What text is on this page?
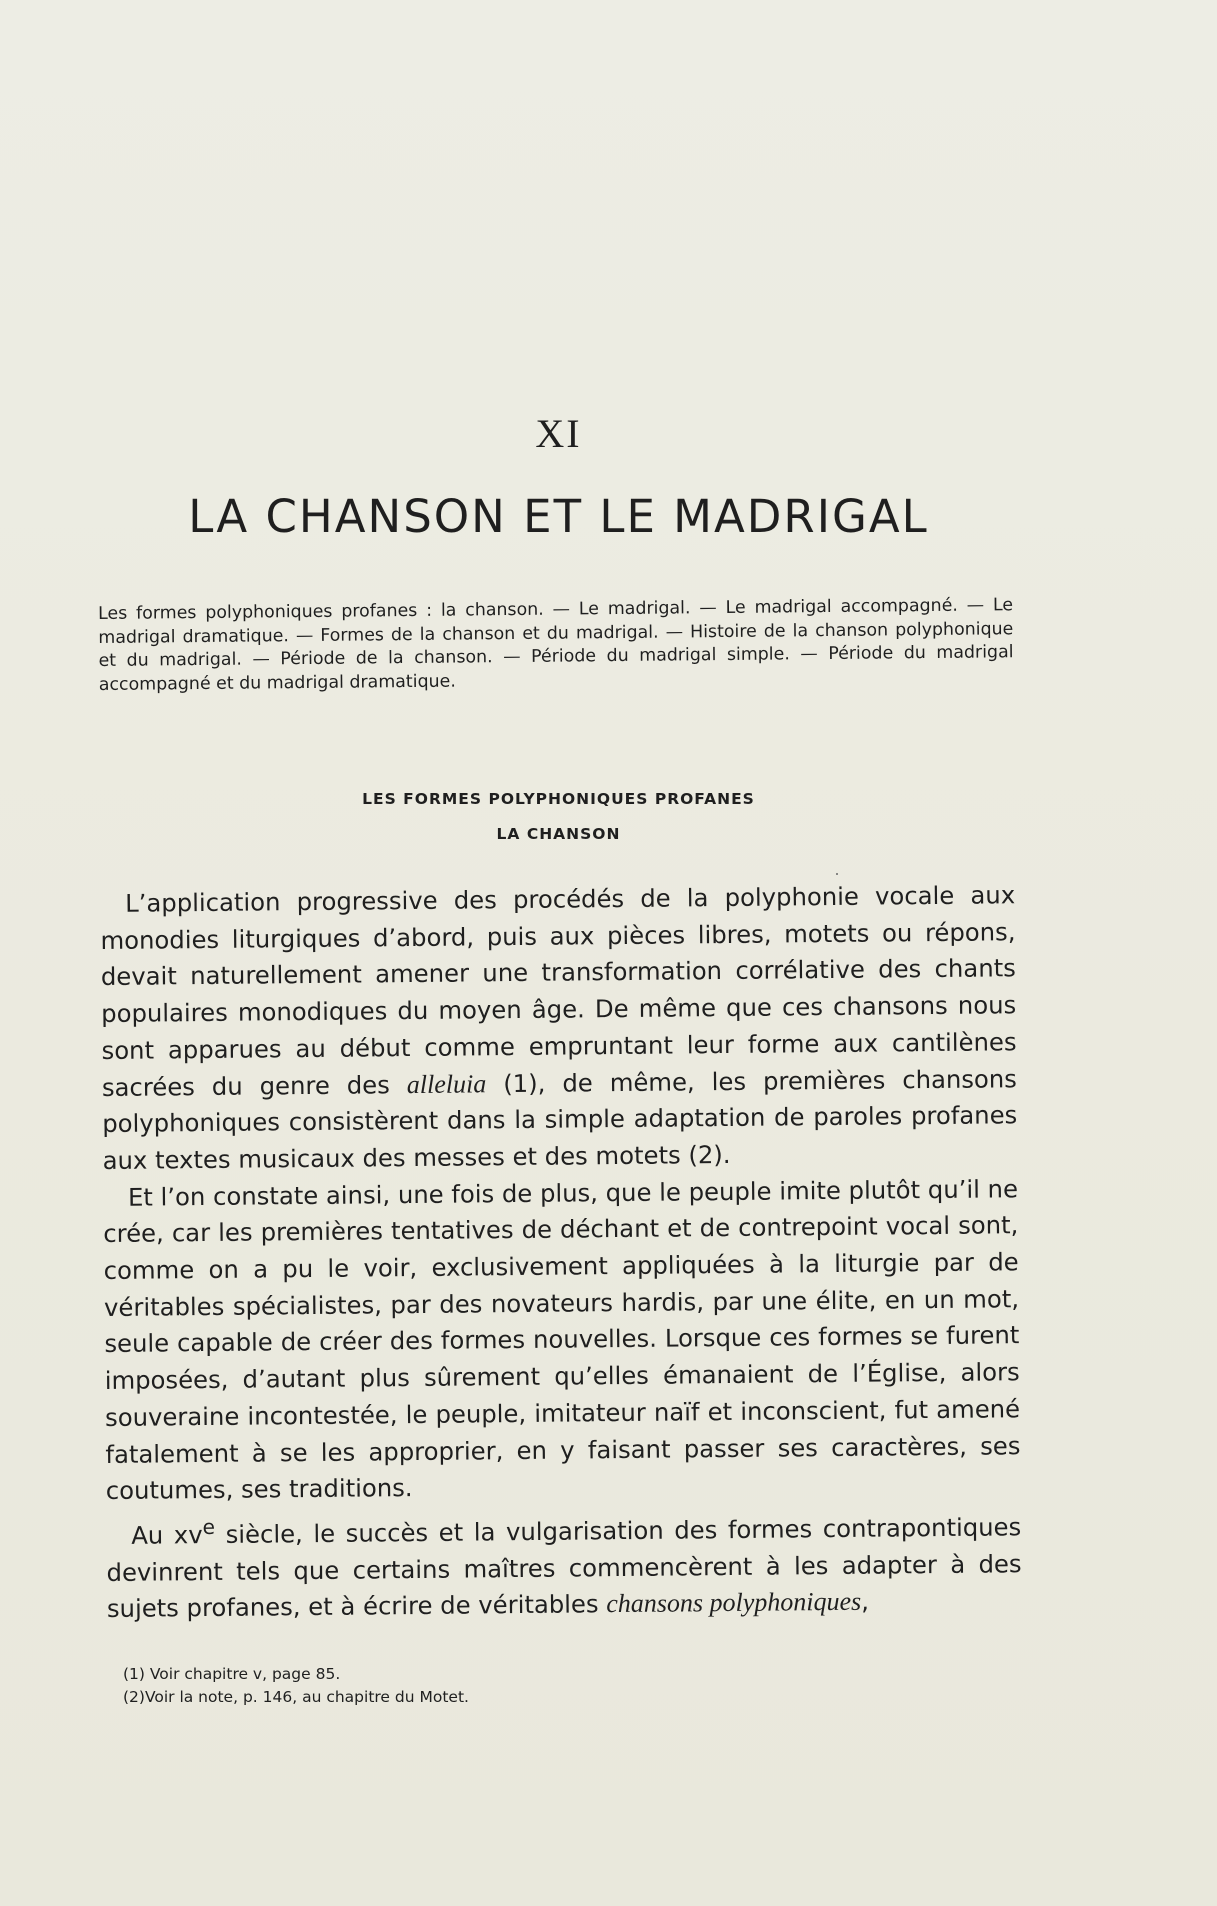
XI
LA CHANSON ET LE MADRIGAL
Les formes polyphoniques profanes : la chanson. — Le madrigal. — Le madrigal accompagné. — Le madrigal dramatique. — Formes de la chanson et du madrigal. — Histoire de la chanson polyphonique et du madrigal. — Période de la chanson. — Période du madrigal simple. — Période du madrigal accompagné et du madrigal dramatique.
LES FORMES POLYPHONIQUES PROFANES
LA CHANSON

L’application progressive des procédés de la polyphonie vocale aux monodies liturgiques d’abord, puis aux pièces libres, motets ou répons, devait naturellement amener une transformation corrélative des chants populaires monodiques du moyen âge. De même que ces chansons nous sont apparues au début comme empruntant leur forme aux cantilènes sacrées du genre des alleluia (1), de même, les premières chansons polyphoniques consistèrent dans la simple adaptation de paroles profanes aux textes musicaux des messes et des motets (2).

Et l’on constate ainsi, une fois de plus, que le peuple imite plutôt qu’il ne crée, car les premières tentatives de déchant et de contrepoint vocal sont, comme on a pu le voir, exclusivement appliquées à la liturgie par de véritables spécialistes, par des novateurs hardis, par une élite, en un mot, seule capable de créer des formes nouvelles. Lorsque ces formes se furent imposées, d’autant plus sûrement qu’elles émanaient de l’Église, alors souveraine incontestée, le peuple, imitateur naïf et inconscient, fut amené fatalement à se les approprier, en y faisant passer ses caractères, ses coutumes, ses traditions.

Au $xv^e$ siècle, le succès et la vulgarisation des formes contrapontiques devinrent tels que certains maîtres commencèrent à les adapter à des sujets profanes, et à écrire de véritables chansons polyphoniques,

(1) Voir chapitre v, page 85.
(2)Voir la note, p. 146, au chapitre du Motet.
